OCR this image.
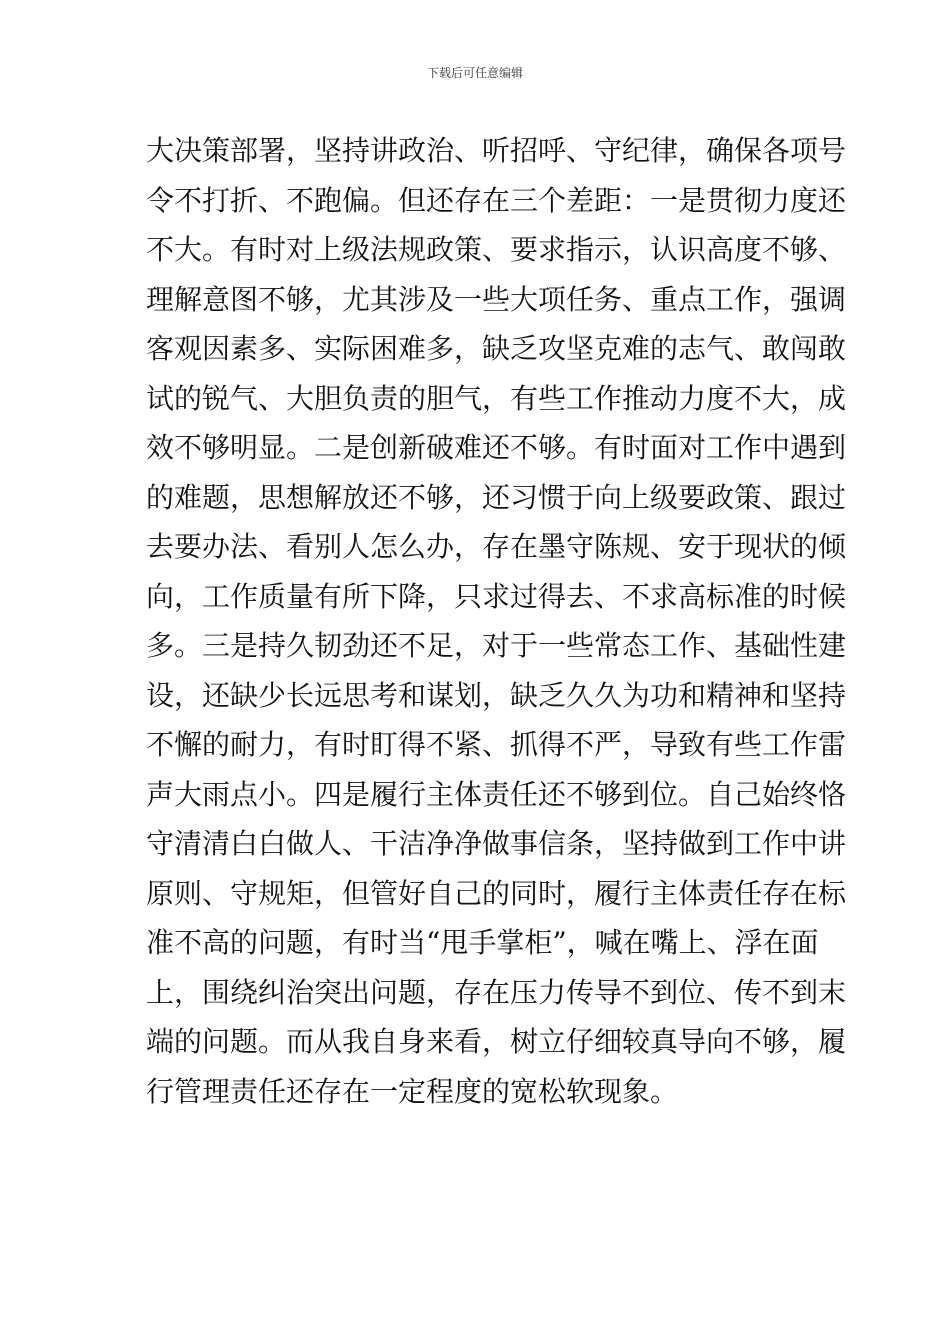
下载后可任意编辑
大决策部署，坚持讲政治、听招呼、守纪律，确保各项号
令不打折、不跑偏。但还存在三个差距：一是贯彻力度还
不大。有时对上级法规政策、要求指示，认识高度不够、
理解意图不够，尤其涉及一些大项任务、重点工作，强调
客观因素多、实际困难多，缺乏攻坚克难的志气、敢闯敢
试的锐气、大胆负责的胆气，有些工作推动力度不大，成
效不够明显。二是创新破难还不够。有时面对工作中遇到
的难题，思想解放还不够，还习惯于向上级要政策、跟过
去要办法、看别人怎么办，存在墨守陈规、安于现状的倾
向，工作质量有所下降，只求过得去、不求高标准的时候
多。三是持久韧劲还不足，对于一些常态工作、基础性建
设，还缺少长远思考和谋划，缺乏久久为功和精神和坚持
不懈的耐力，有时盯得不紧、抓得不严，导致有些工作雷
声大雨点小。四是履行主体责任还不够到位。自己始终恪
守清清白白做人、干洁净净做事信条，坚持做到工作中讲
原则、守规矩，但管好自己的同时，履行主体责任存在标
准不高的问题，有时当“甩手掌柜”，喊在嘴上、浮在面
上，围绕纠治突出问题，存在压力传导不到位、传不到末
端的问题。而从我自身来看，树立仔细较真导向不够，履
行管理责任还存在一定程度的宽松软现象。
